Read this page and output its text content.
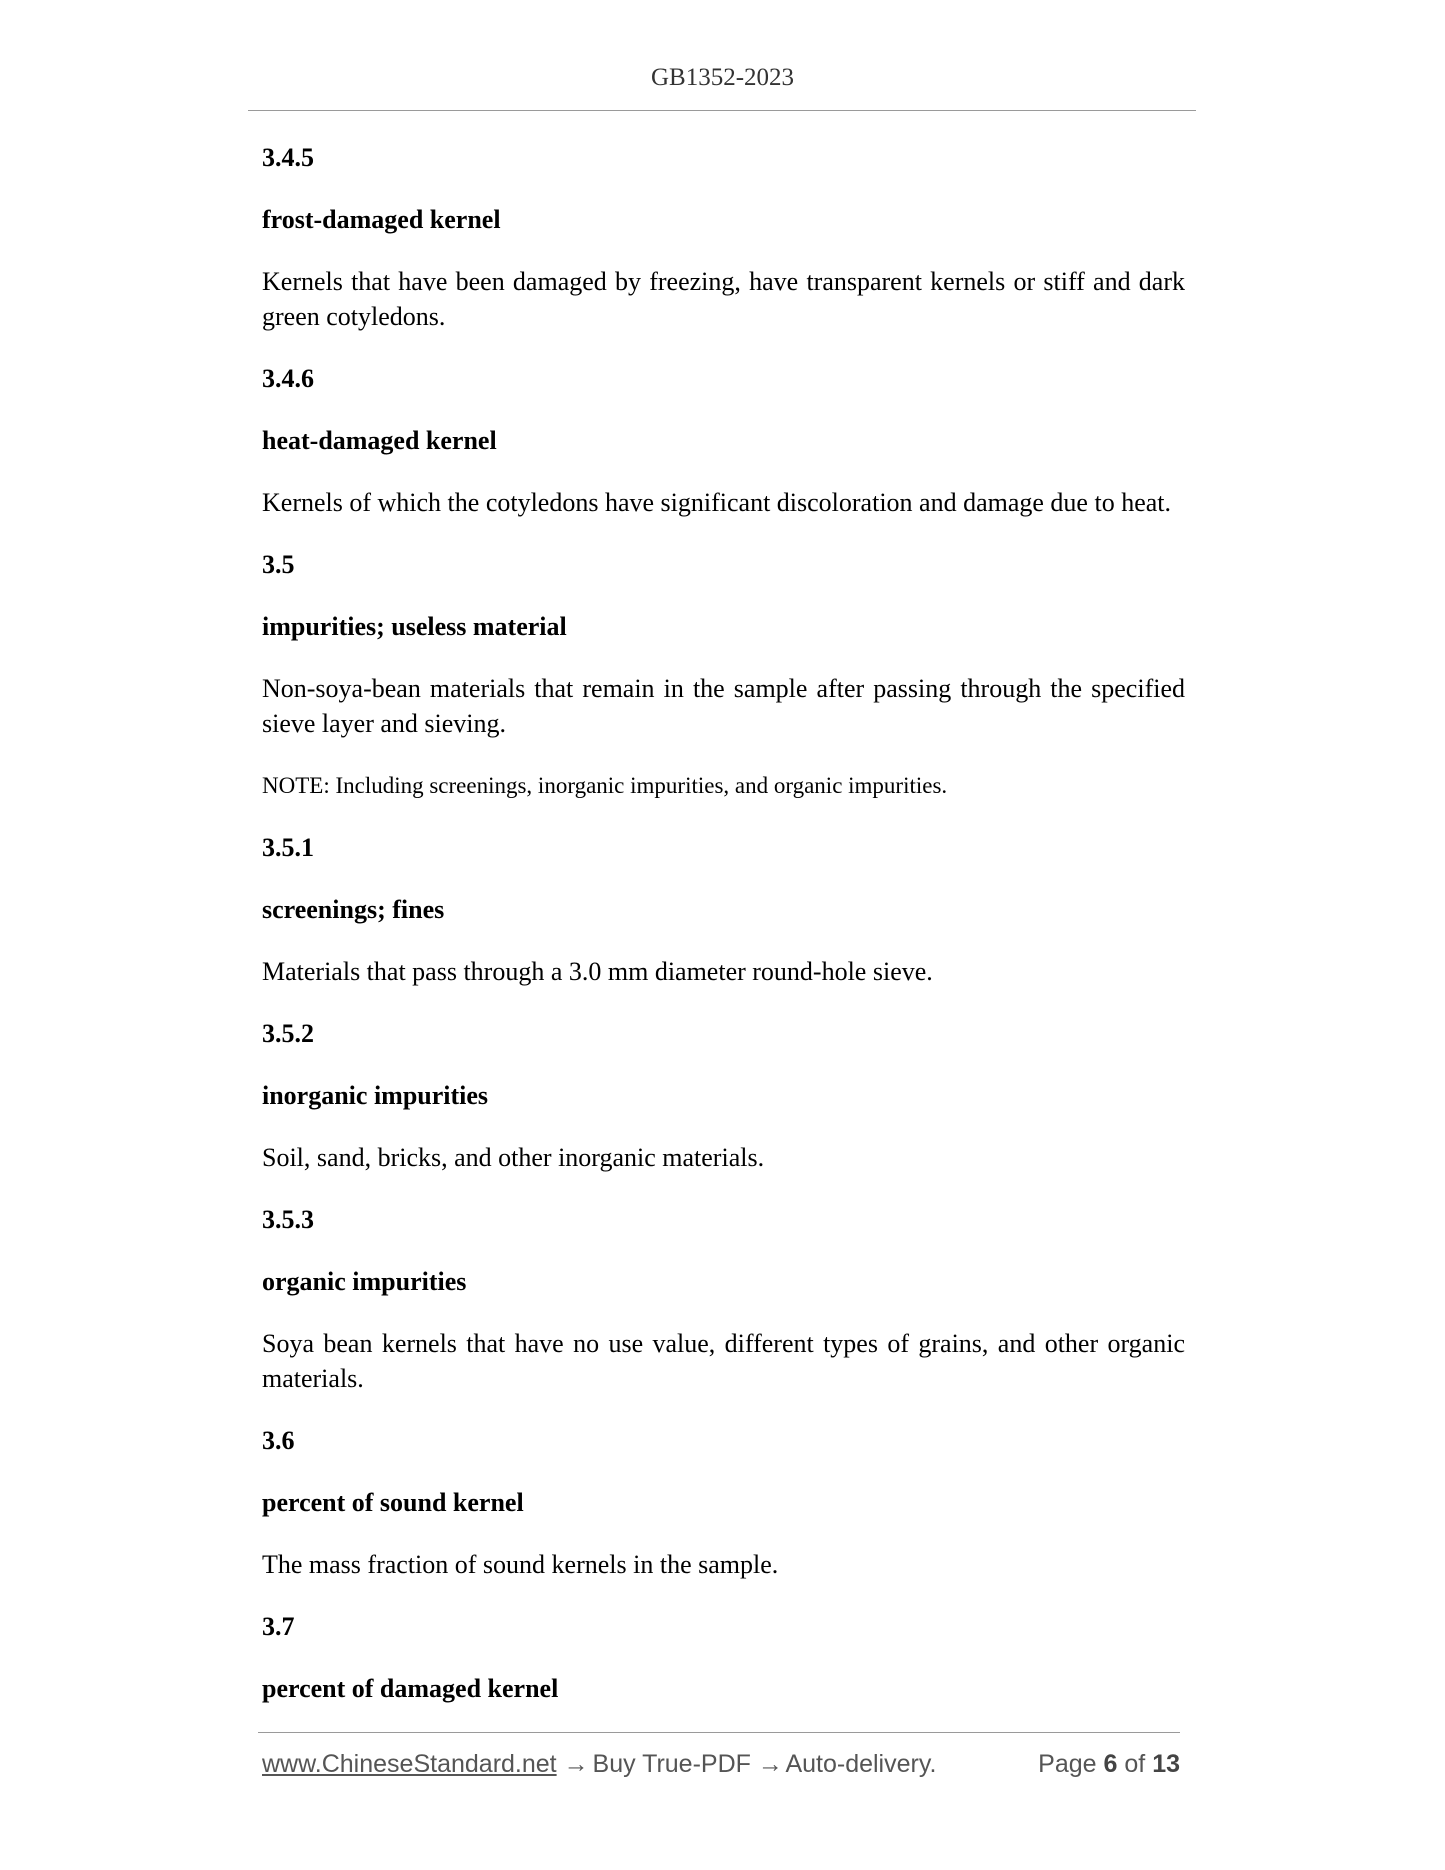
GB1352-2023

3.4.5

frost-damaged kernel

Kernels that have been damaged by freezing, have transparent kernels or stiff and dark green cotyledons.

3.4.6

heat-damaged kernel

Kernels of which the cotyledons have significant discoloration and damage due to heat.

3.5

impurities; useless material

Non-soya-bean materials that remain in the sample after passing through the specified sieve layer and sieving.

NOTE: Including screenings, inorganic impurities, and organic impurities.

3.5.1

screenings; fines

Materials that pass through a 3.0 mm diameter round-hole sieve.

3.5.2

inorganic impurities

Soil, sand, bricks, and other inorganic materials.

3.5.3

organic impurities

Soya bean kernels that have no use value, different types of grains, and other organic materials.

3.6

percent of sound kernel

The mass fraction of sound kernels in the sample.

3.7

percent of damaged kernel

www.ChineseStandard.net → Buy True-PDF → Auto-delivery.	Page 6 of 13
